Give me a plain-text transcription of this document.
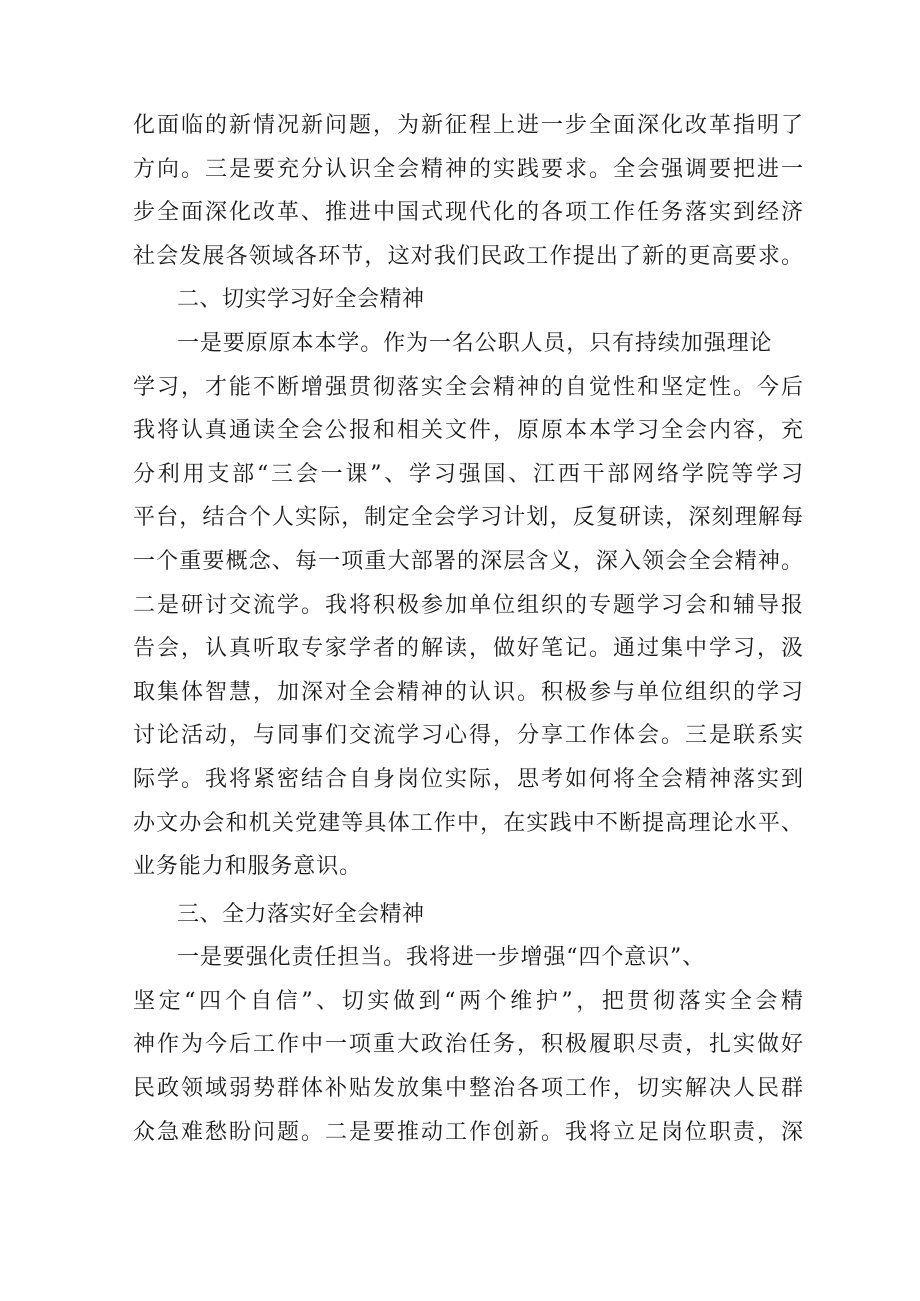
化面临的新情况新问题，为新征程上进一步全面深化改革指明了
方向。三是要充分认识全会精神的实践要求。全会强调要把进一
步全面深化改革、推进中国式现代化的各项工作任务落实到经济
社会发展各领域各环节，这对我们民政工作提出了新的更高要求。
二、切实学习好全会精神
一是要原原本本学。作为一名公职人员，只有持续加强理论
学习，才能不断增强贯彻落实全会精神的自觉性和坚定性。今后
我将认真通读全会公报和相关文件，原原本本学习全会内容，充
分利用支部“三会一课”、学习强国、江西干部网络学院等学习
平台，结合个人实际，制定全会学习计划，反复研读，深刻理解每
一个重要概念、每一项重大部署的深层含义，深入领会全会精神。
二是研讨交流学。我将积极参加单位组织的专题学习会和辅导报
告会，认真听取专家学者的解读，做好笔记。通过集中学习，汲
取集体智慧，加深对全会精神的认识。积极参与单位组织的学习
讨论活动，与同事们交流学习心得，分享工作体会。三是联系实
际学。我将紧密结合自身岗位实际，思考如何将全会精神落实到
办文办会和机关党建等具体工作中，在实践中不断提高理论水平、
业务能力和服务意识。
三、全力落实好全会精神
一是要强化责任担当。我将进一步增强“四个意识”、
坚定“四个自信”、切实做到“两个维护”，把贯彻落实全会精
神作为今后工作中一项重大政治任务，积极履职尽责，扎实做好
民政领域弱势群体补贴发放集中整治各项工作，切实解决人民群
众急难愁盼问题。二是要推动工作创新。我将立足岗位职责，深
